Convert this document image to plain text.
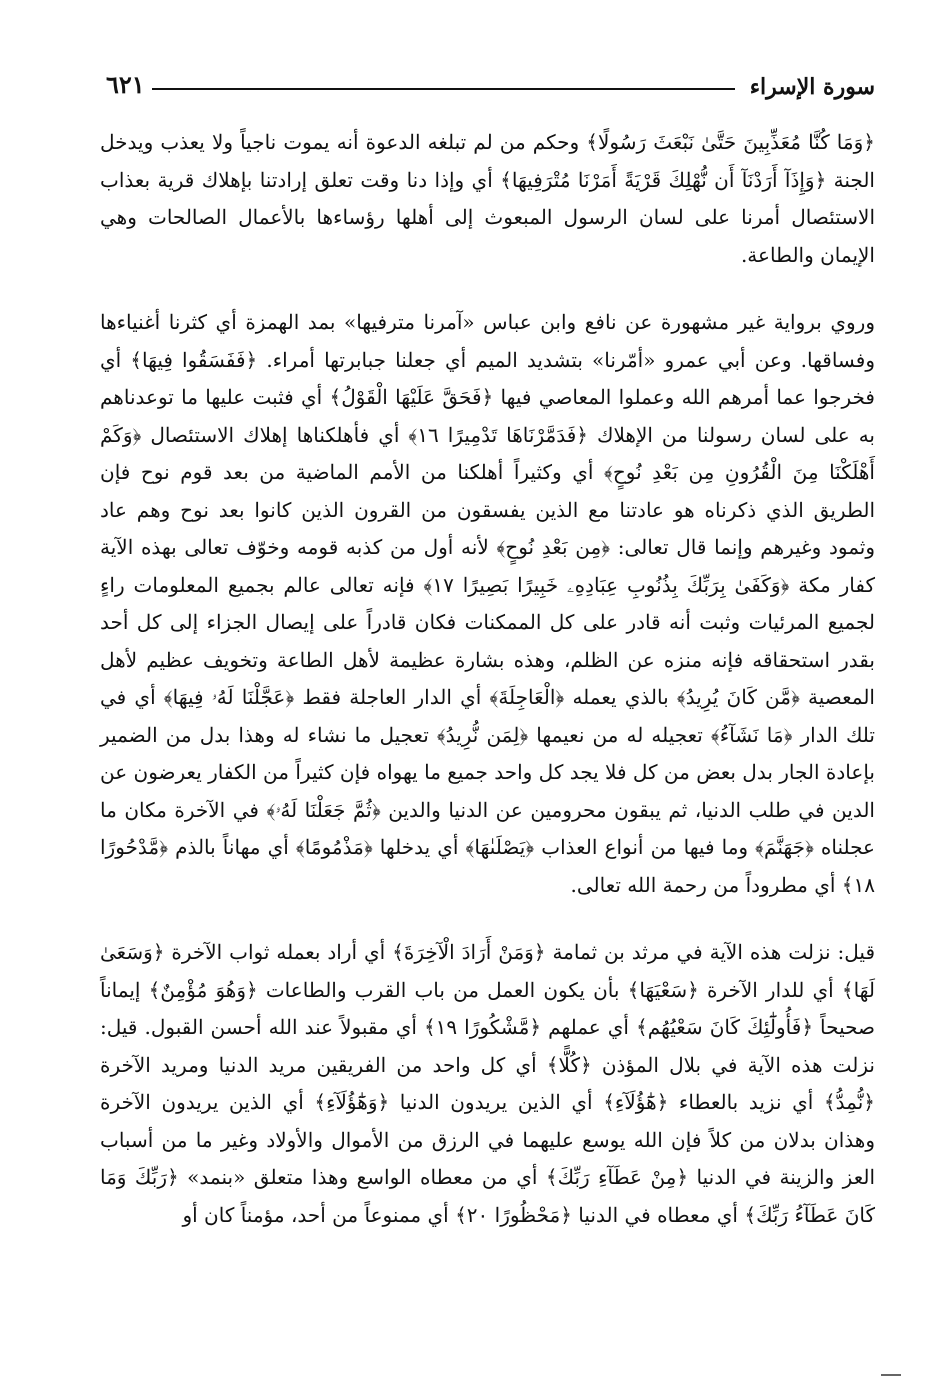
٦٢١	سورة الإسراء

﴿وَمَا كُنَّا مُعَذِّبِينَ حَتَّىٰ نَبْعَثَ رَسُولًا﴾ وحكم من لم تبلغه الدعوة أنه يموت ناجياً ولا يعذب ويدخل الجنة ﴿وَإِذَآ أَرَدْنَآ أَن نُّهْلِكَ قَرْيَةً أَمَرْنَا مُتْرَفِيهَا﴾ أي وإذا دنا وقت تعلق إرادتنا بإهلاك قرية بعذاب الاستئصال أمرنا على لسان الرسول المبعوث إلى أهلها رؤساءها بالأعمال الصالحات وهي الإيمان والطاعة.

وروي برواية غير مشهورة عن نافع وابن عباس «آمرنا مترفيها» بمد الهمزة أي كثرنا أغنياءها وفساقها. وعن أبي عمرو «أمّرنا» بتشديد الميم أي جعلنا جبابرتها أمراء. ﴿فَفَسَقُوا فِيهَا﴾ أي فخرجوا عما أمرهم الله وعملوا المعاصي فيها ﴿فَحَقَّ عَلَيْهَا الْقَوْلُ﴾ أي فثبت عليها ما توعدناهم به على لسان رسولنا من الإهلاك ﴿فَدَمَّرْنَاهَا تَدْمِيرًا ١٦﴾ أي فأهلكناها إهلاك الاستئصال ﴿وَكَمْ أَهْلَكْنَا مِنَ الْقُرُونِ مِن بَعْدِ نُوحٍ﴾ أي وكثيراً أهلكنا من الأمم الماضية من بعد قوم نوح فإن الطريق الذي ذكرناه هو عادتنا مع الذين يفسقون من القرون الذين كانوا بعد نوح وهم عاد وثمود وغيرهم وإنما قال تعالى: ﴿مِن بَعْدِ نُوحٍ﴾ لأنه أول من كذبه قومه وخوّف تعالى بهذه الآية كفار مكة ﴿وَكَفَىٰ بِرَبِّكَ بِذُنُوبِ عِبَادِهِۦ خَبِيرًا بَصِيرًا ١٧﴾ فإنه تعالى عالم بجميع المعلومات راءٍ لجميع المرئيات وثبت أنه قادر على كل الممكنات فكان قادراً على إيصال الجزاء إلى كل أحد بقدر استحقاقه فإنه منزه عن الظلم، وهذه بشارة عظيمة لأهل الطاعة وتخويف عظيم لأهل المعصية ﴿مَّن كَانَ يُرِيدُ﴾ بالذي يعمله ﴿الْعَاجِلَةَ﴾ أي الدار العاجلة فقط ﴿عَجَّلْنَا لَهُۥ فِيهَا﴾ أي في تلك الدار ﴿مَا نَشَآءُ﴾ تعجيله له من نعيمها ﴿لِمَن نُّرِيدُ﴾ تعجيل ما نشاء له وهذا بدل من الضمير بإعادة الجار بدل بعض من كل فلا يجد كل واحد جميع ما يهواه فإن كثيراً من الكفار يعرضون عن الدين في طلب الدنيا، ثم يبقون محرومين عن الدنيا والدين ﴿ثُمَّ جَعَلْنَا لَهُۥ﴾ في الآخرة مكان ما عجلناه ﴿جَهَنَّمَ﴾ وما فيها من أنواع العذاب ﴿يَصْلَىٰهَا﴾ أي يدخلها ﴿مَذْمُومًا﴾ أي مهاناً بالذم ﴿مَّدْحُورًا ١٨﴾ أي مطروداً من رحمة الله تعالى.

قيل: نزلت هذه الآية في مرثد بن ثمامة ﴿وَمَنْ أَرَادَ الْآخِرَةَ﴾ أي أراد بعمله ثواب الآخرة ﴿وَسَعَىٰ لَهَا﴾ أي للدار الآخرة ﴿سَعْيَهَا﴾ بأن يكون العمل من باب القرب والطاعات ﴿وَهُوَ مُؤْمِنٌ﴾ إيماناً صحيحاً ﴿فَأُولَٰٓئِكَ كَانَ سَعْيُهُم﴾ أي عملهم ﴿مَّشْكُورًا ١٩﴾ أي مقبولاً عند الله أحسن القبول. قيل: نزلت هذه الآية في بلال المؤذن ﴿كُلًّا﴾ أي كل واحد من الفريقين مريد الدنيا ومريد الآخرة ﴿نُّمِدُّ﴾ أي نزيد بالعطاء ﴿هَٰٓؤُلَآءِ﴾ أي الذين يريدون الدنيا ﴿وَهَٰٓؤُلَآءِ﴾ أي الذين يريدون الآخرة وهذان بدلان من كلاً فإن الله يوسع عليهما في الرزق من الأموال والأولاد وغير ما من أسباب العز والزينة في الدنيا ﴿مِنْ عَطَآءِ رَبِّكَ﴾ أي من معطاه الواسع وهذا متعلق «بنمد» ﴿رَبِّكَ وَمَا كَانَ عَطَآءُ رَبِّكَ﴾ أي معطاه في الدنيا ﴿مَحْظُورًا ٢٠﴾ أي ممنوعاً من أحد، مؤمناً كان أو
